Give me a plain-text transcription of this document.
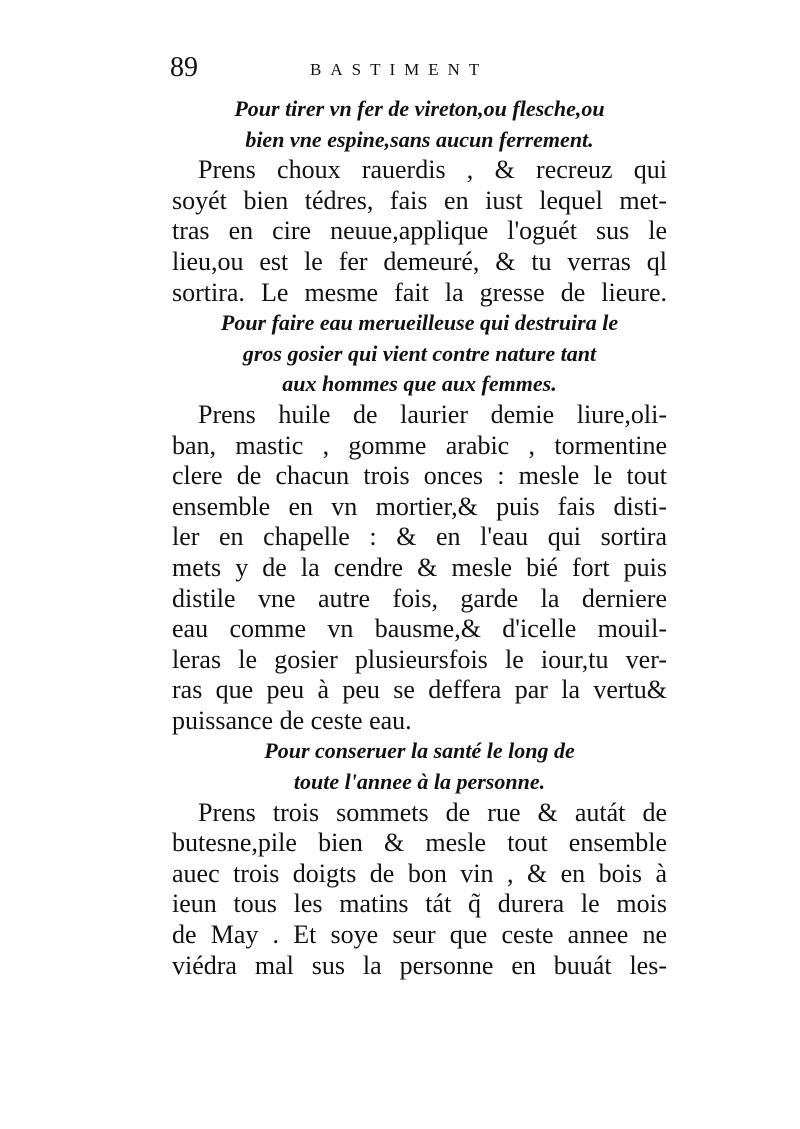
89	BASTIMENT
Pour tirer vn fer de vireton,ou flesche,ou
bien vne espine,sans aucun ferrement.
Prens choux rauerdis , & recreuz qui
soyét bien tédres, fais en iust lequel met-
tras en cire neuue,applique l'oguét sus le
lieu,ou est le fer demeuré, & tu verras ql
sortira. Le mesme fait la gresse de lieure.
Pour faire eau merueilleuse qui destruira le
gros gosier qui vient contre nature tant
aux hommes que aux femmes.
Prens huile de laurier demie liure,oli-
ban, mastic , gomme arabic , tormentine
clere de chacun trois onces : mesle le tout
ensemble en vn mortier,& puis fais disti-
ler en chapelle : & en l'eau qui sortira
mets y de la cendre & mesle bié fort puis
distile vne autre fois, garde la derniere
eau comme vn bausme,& d'icelle mouil-
leras le gosier plusieursfois le iour,tu ver-
ras que peu à peu se deffera par la vertu&
puissance de ceste eau.
Pour conseruer la santé le long de
toute l'annee à la personne.
Prens trois sommets de rue & autát de
butesne,pile bien & mesle tout ensemble
auec trois doigts de bon vin , & en bois à
ieun tous les matins tát q̃ durera le mois
de May . Et soye seur que ceste annee ne
viédra mal sus la personne en buuát les-
